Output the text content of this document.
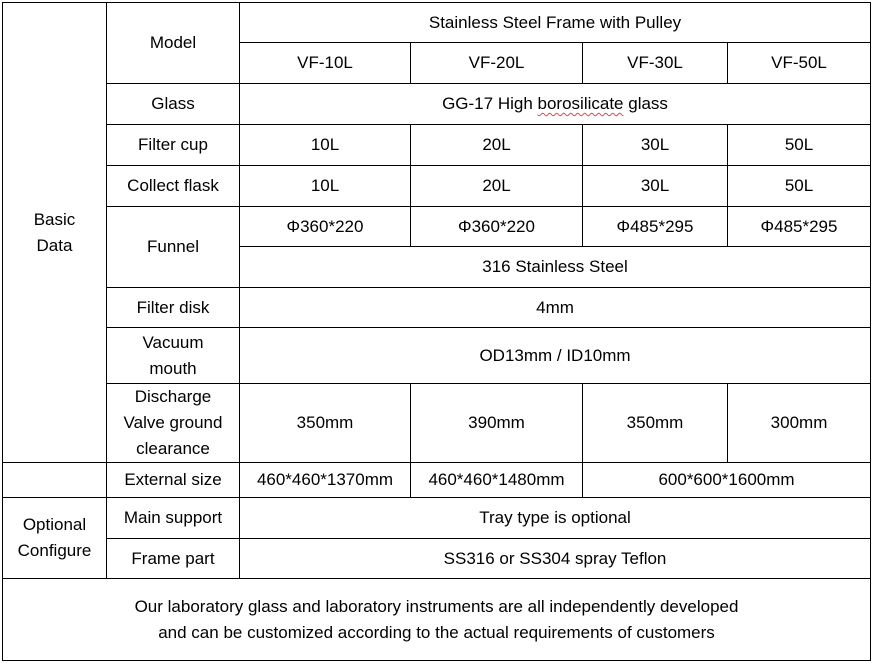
Basic
Data	Model	Stainless Steel Frame with Pulley			
		VF-10L	VF-20L	VF-30L	VF-50L
	Glass	GG-17 High borosilicate glass			
	Filter cup	10L	20L	30L	50L
	Collect flask	10L	20L	30L	50L
	Funnel	Φ360*220	Φ360*220	Φ485*295	Φ485*295
		316 Stainless Steel			
	Filter disk	4mm			
	Vacuum
mouth	OD13mm / ID10mm			
	Discharge
Valve ground
clearance	350mm	390mm	350mm	300mm
	External size	460*460*1370mm	460*460*1480mm	600*600*1600mm	
Optional
Configure	Main support	Tray type is optional			
	Frame part	SS316 or SS304 spray Teflon			

Our laboratory glass and laboratory instruments are all independently developed
and can be customized according to the actual requirements of customers					
